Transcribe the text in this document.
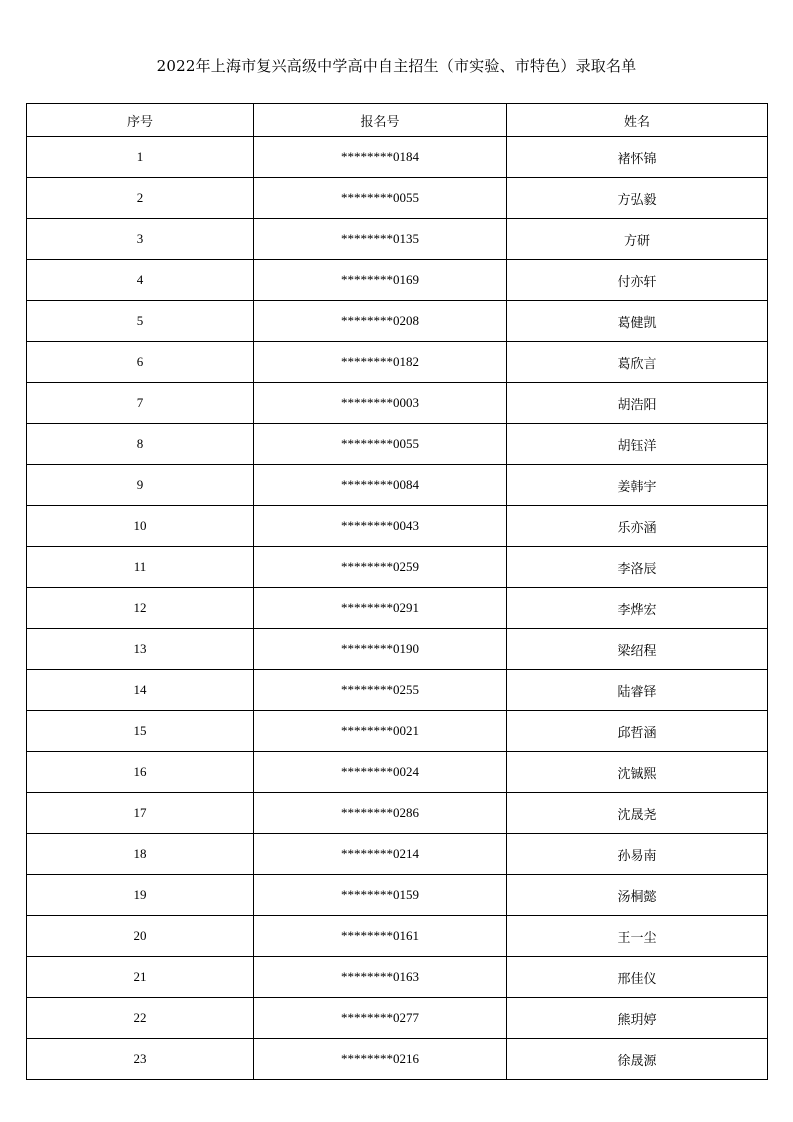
2022年上海市复兴高级中学高中自主招生（市实验、市特色）录取名单
序号	报名号	姓名
1	********0184	褚怀锦
2	********0055	方弘毅
3	********0135	方研
4	********0169	付亦轩
5	********0208	葛健凯
6	********0182	葛欣言
7	********0003	胡浩阳
8	********0055	胡钰洋
9	********0084	姜韩宇
10	********0043	乐亦涵
11	********0259	李洛辰
12	********0291	李烨宏
13	********0190	梁绍程
14	********0255	陆睿铎
15	********0021	邱哲涵
16	********0024	沈铖熙
17	********0286	沈晟尧
18	********0214	孙易南
19	********0159	汤桐懿
20	********0161	王一尘
21	********0163	邢佳仪
22	********0277	熊玥婷
23	********0216	徐晟源
